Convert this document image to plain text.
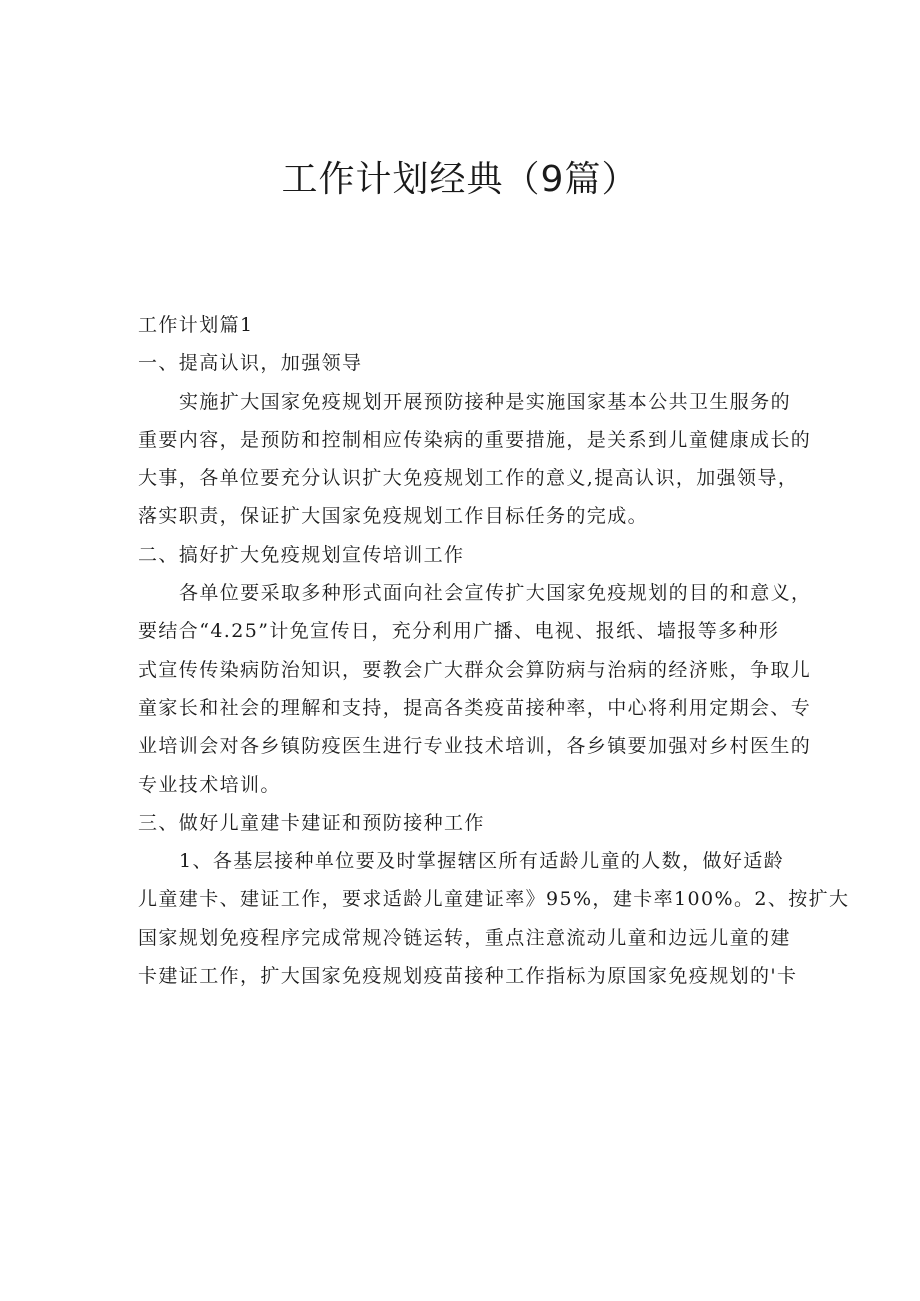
工作计划经典（9篇）

工作计划篇1

一、提高认识，加强领导

实施扩大国家免疫规划开展预防接种是实施国家基本公共卫生服务的
重要内容，是预防和控制相应传染病的重要措施，是关系到儿童健康成长的
大事，各单位要充分认识扩大免疫规划工作的意义,提高认识，加强领导，
落实职责，保证扩大国家免疫规划工作目标任务的完成。

二、搞好扩大免疫规划宣传培训工作

各单位要采取多种形式面向社会宣传扩大国家免疫规划的目的和意义，
要结合“4.25”计免宣传日，充分利用广播、电视、报纸、墙报等多种形
式宣传传染病防治知识，要教会广大群众会算防病与治病的经济账，争取儿
童家长和社会的理解和支持，提高各类疫苗接种率，中心将利用定期会、专
业培训会对各乡镇防疫医生进行专业技术培训，各乡镇要加强对乡村医生的
专业技术培训。

三、做好儿童建卡建证和预防接种工作

1、各基层接种单位要及时掌握辖区所有适龄儿童的人数，做好适龄
儿童建卡、建证工作，要求适龄儿童建证率》95%，建卡率100%。2、按扩大
国家规划免疫程序完成常规冷链运转，重点注意流动儿童和边远儿童的建
卡建证工作，扩大国家免疫规划疫苗接种工作指标为原国家免疫规划的'卡
